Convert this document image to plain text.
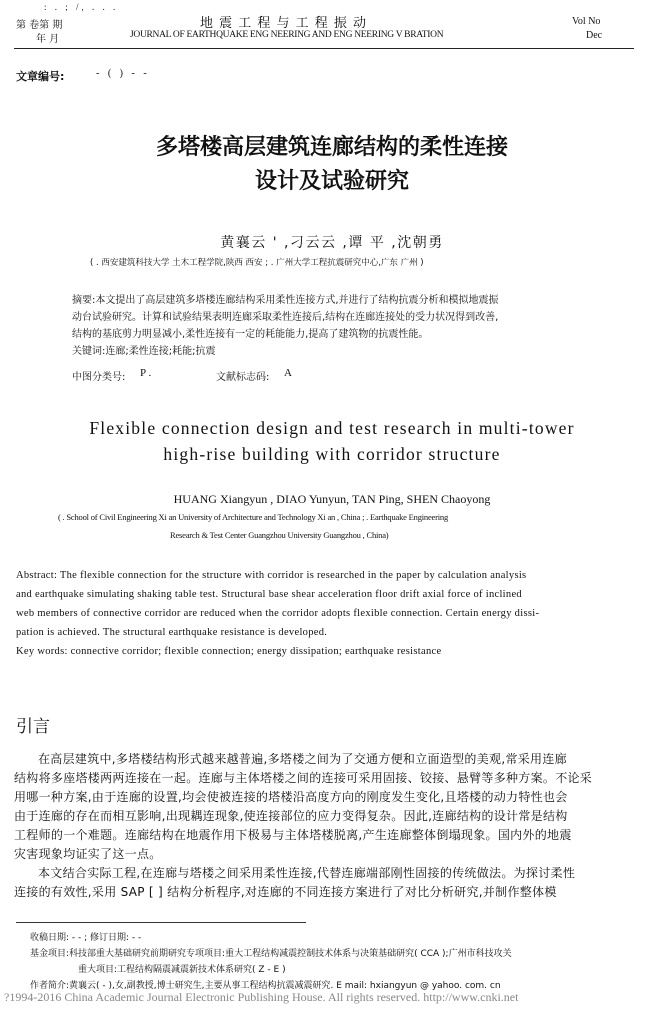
: . ; /, . . .
第 卷第 期
年 月
地 震 工 程 与 工 程 振 动
JOURNAL OF EARTHQUAKE ENG NEERING AND ENG NEERING V BRATION
Vol No
Dec
文章编号:	- ( ) - -
多塔楼高层建筑连廊结构的柔性连接
设计及试验研究
黄襄云 ' ,刁云云 ,谭 平 ,沈朝勇
( . 西安建筑科技大学 土木工程学院,陕西 西安 ; . 广州大学工程抗震研究中心,广东 广州 )
摘要:本文提出了高层建筑多塔楼连廊结构采用柔性连接方式,并进行了结构抗震分析和模拟地震振
动台试验研究。计算和试验结果表明连廊采取柔性连接后,结构在连廊连接处的受力状况得到改善,
结构的基底剪力明显减小,柔性连接有一定的耗能能力,提高了建筑物的抗震性能。
关键词:连廊;柔性连接;耗能;抗震
中图分类号: P .	文献标志码: A
Flexible connection design and test research in multi-tower
high-rise building with corridor structure
HUANG Xiangyun , DIAO Yunyun, TAN Ping, SHEN Chaoyong
( . School of Civil Engineering Xi an University of Architecture and Technology Xi an , China ; . Earthquake Engineering
Research & Test Center Guangzhou University Guangzhou , China)
Abstract: The flexible connection for the structure with corridor is researched in the paper by calculation analysis
and earthquake simulating shaking table test. Structural base shear acceleration floor drift axial force of inclined
web members of connective corridor are reduced when the corridor adopts flexible connection. Certain energy dissi-
pation is achieved. The structural earthquake resistance is developed.
Key words: connective corridor; flexible connection; energy dissipation; earthquake resistance
引言
在高层建筑中,多塔楼结构形式越来越普遍,多塔楼之间为了交通方便和立面造型的美观,常采用连廊
结构将多座塔楼两两连接在一起。连廊与主体塔楼之间的连接可采用固接、铰接、悬臂等多种方案。不论采
用哪一种方案,由于连廊的设置,均会使被连接的塔楼沿高度方向的刚度发生变化,且塔楼的动力特性也会
由于连廊的存在而相互影响,出现耦连现象,使连接部位的应力变得复杂。因此,连廊结构的设计常是结构
工程师的一个难题。连廊结构在地震作用下极易与主体塔楼脱离,产生连廊整体倒塌现象。国内外的地震
灾害现象均证实了这一点。
本文结合实际工程,在连廊与塔楼之间采用柔性连接,代替连廊端部刚性固接的传统做法。为探讨柔性
连接的有效性,采用 SAP [ ] 结构分析程序,对连廊的不同连接方案进行了对比分析研究,并制作整体模
收稿日期: - - ; 修订日期: - -
基金项目:科技部重大基础研究前期研究专项项目:重大工程结构减震控制技术体系与决策基础研究( CCA );广州市科技攻关
重大项目:工程结构隔震减震新技术体系研究( Z - E )
作者简介:黄襄云( - ),女,副教授,博士研究生,主要从事工程结构抗震减震研究. E mail: hxiangyun @ yahoo. com. cn
?1994-2016 China Academic Journal Electronic Publishing House. All rights reserved. http://www.cnki.net
